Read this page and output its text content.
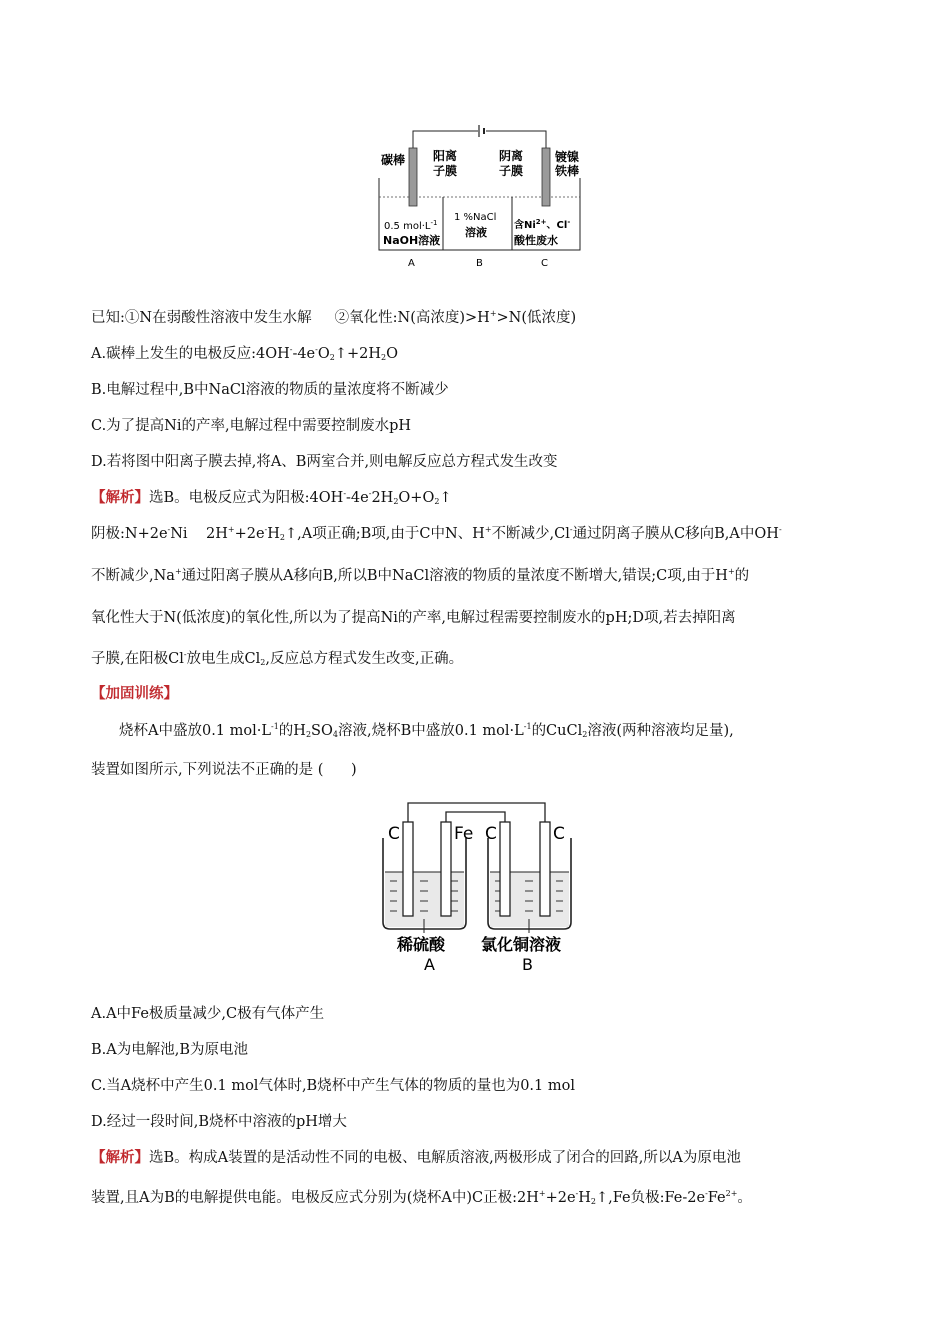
碳棒	镀镍
铁棒
阳离
子膜
阴离
子膜
0.5 $mol\cdot L^{-1}$
NaOH溶液
1 %NaCl
溶液
含$Ni^{2+}$、Cl-
酸性废水
A	B	C
已知:①N在弱酸性溶液中发生水解 ②氧化性:N(高浓度)>H+>N(低浓度)
A.碳棒上发生的电极反应$:4OH^--4e^-O_2↑+2H_2O$
B.电解过程中,B中NaCl溶液的物质的量浓度将不断减少
C.为了提高Ni的产率,电解过程中需要控制废水pH
D.若将图中阳离子膜去掉,将A、B两室合并,则电解反应总方程式发生改变
【解析】选B。电极反应式为阳极$:4OH^--4e^-2H_2O+O_2↑$
阴极:N+2e-Ni    $2H^++2e^-H_2↑,A$项正确;B项,由于C中N、H+不断减少,Cl-通过阴离子膜从C移向B,A中OH-
不断减少,Na+通过阳离子膜从A移向B,所以B中NaCl溶液的物质的量浓度不断增大,错误;C项,由于H+的
氧化性大于N(低浓度)的氧化性,所以为了提高Ni的产率,电解过程需要控制废水的pH;D项,若去掉阳离
子膜,在阳极Cl-放电生成$Cl_2$,反应总方程式发生改变,正确。
【加固训练】
烧杯A中盛放0.1 $mol\cdot L^{-1}$的$H_2SO_4$溶液,烧杯B中盛放0.1 $mol\cdot L^{-1}$的CuCl$_2$溶液(两种溶液均足量),
装置如图所示,下列说法不正确的是 (      )
C	Fe C	C
稀硫酸
A
氯化铜溶液
B
A.A中Fe极质量减少,C极有气体产生
B.A为电解池,B为原电池
C.当A烧杯中产生0.1 mol气体时,B烧杯中产生气体的物质的量也为0.1 mol
D.经过一段时间,B烧杯中溶液的pH增大
【解析】选B。构成A装置的是活动性不同的电极、电解质溶液,两极形成了闭合的回路,所以A为原电池
装置,且A为B的电解提供电能。电极反应式分别为(烧杯A中)C正极$:2H^++2e^-H_2↑,Fe$负极$:Fe-2e^-Fe^{2+}$。
